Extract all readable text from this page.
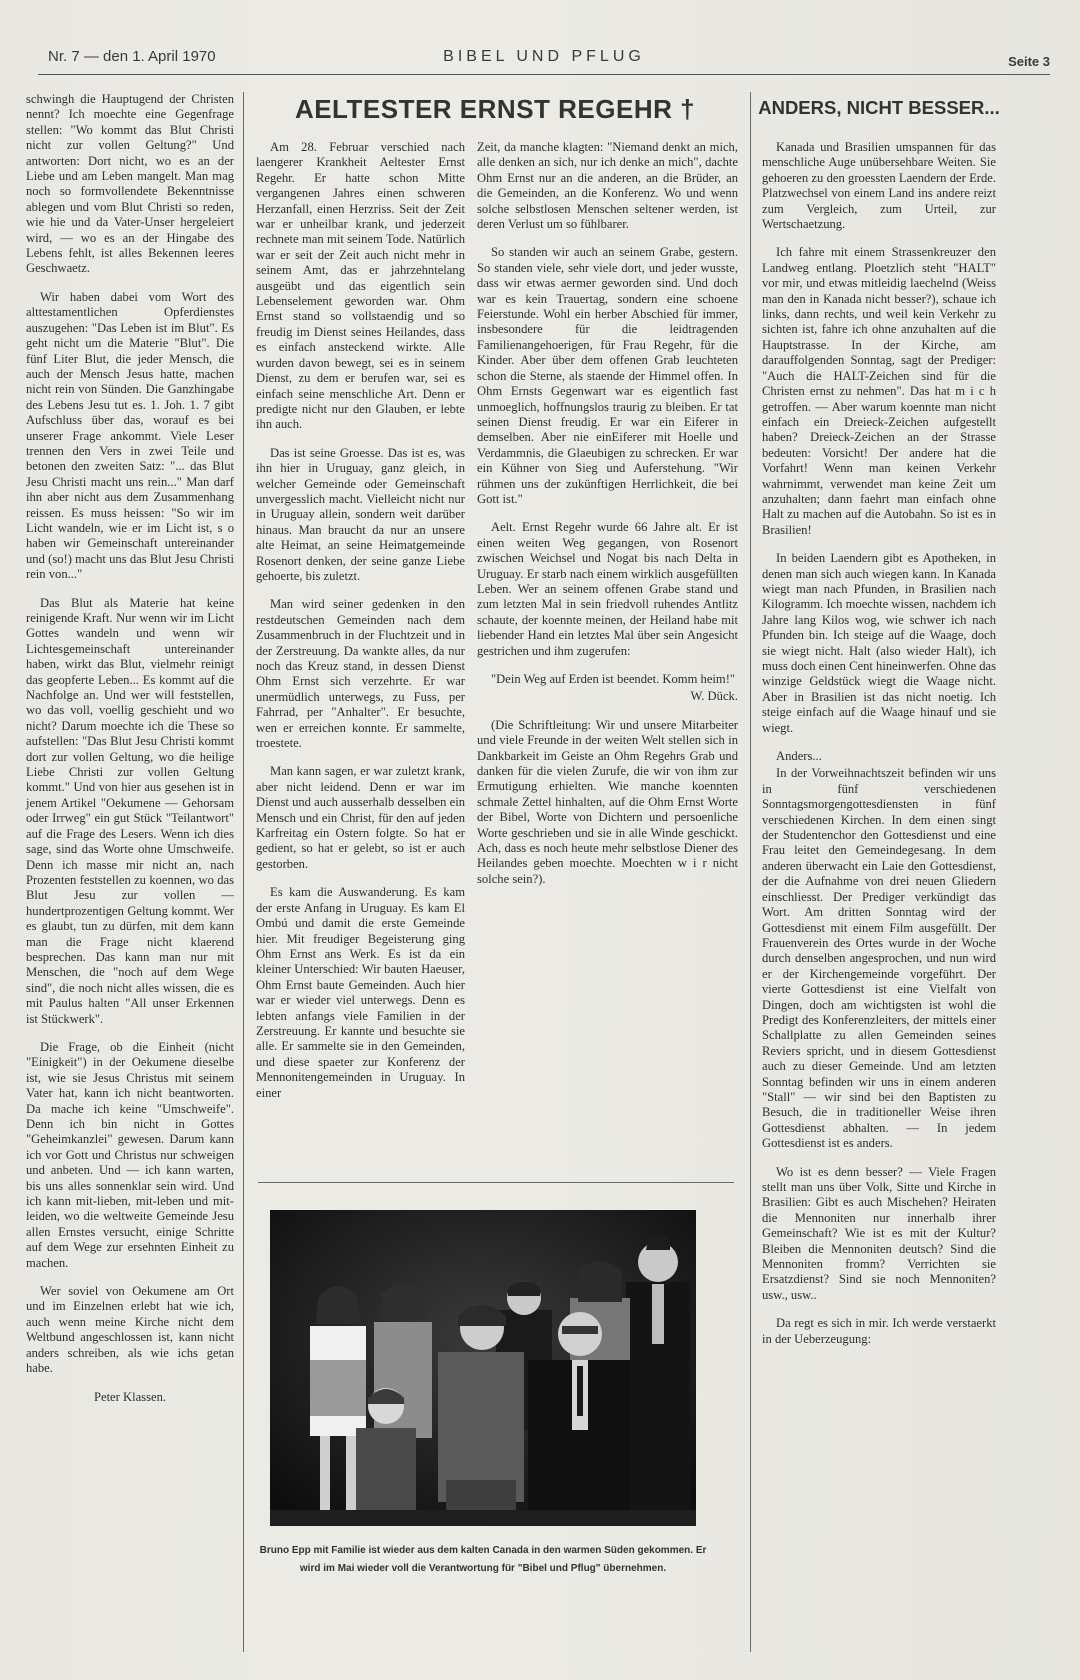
Nr. 7 — den 1. April 1970	BIBEL UND PFLUG	Seite 3

schwingh die Hauptugend der Christen nennt? Ich moechte eine Gegenfrage stellen: "Wo kommt das Blut Christi nicht zur vollen Geltung?" Und antworten: Dort nicht, wo es an der Liebe und am Leben mangelt. Man mag noch so formvollendete Bekenntnisse ablegen und vom Blut Christi so reden, wie hie und da Vater-Unser hergeleiert wird, — wo es an der Hingabe des Lebens fehlt, ist alles Bekennen leeres Geschwaetz.

Wir haben dabei vom Wort des alttestamentlichen Opferdienstes auszugehen: "Das Leben ist im Blut". Es geht nicht um die Materie "Blut". Die fünf Liter Blut, die jeder Mensch, die auch der Mensch Jesus hatte, machen nicht rein von Sünden. Die Ganzhingabe des Lebens Jesu tut es. 1. Joh. 1. 7 gibt Aufschluss über das, worauf es bei unserer Frage ankommt. Viele Leser trennen den Vers in zwei Teile und betonen den zweiten Satz: "... das Blut Jesu Christi macht uns rein..." Man darf ihn aber nicht aus dem Zusammenhang reissen. Es muss heissen: "So wir im Licht wandeln, wie er im Licht ist, s o haben wir Gemeinschaft untereinander und (so!) macht uns das Blut Jesu Christi rein von..."

Das Blut als Materie hat keine reinigende Kraft. Nur wenn wir im Licht Gottes wandeln und wenn wir Lichtesgemeinschaft untereinander haben, wirkt das Blut, vielmehr reinigt das geopferte Leben... Es kommt auf die Nachfolge an. Und wer will feststellen, wo das voll, voellig geschieht und wo nicht? Darum moechte ich die These so aufstellen: "Das Blut Jesu Christi kommt dort zur vollen Geltung, wo die heilige Liebe Christi zur vollen Geltung kommt." Und von hier aus gesehen ist in jenem Artikel "Oekumene — Gehorsam oder Irrweg" ein gut Stück "Teilantwort" auf die Frage des Lesers. Wenn ich dies sage, sind das Worte ohne Umschweife. Denn ich masse mir nicht an, nach Prozenten feststellen zu koennen, wo das Blut Jesu zur vollen — hundertprozentigen Geltung kommt. Wer es glaubt, tun zu dürfen, mit dem kann man die Frage nicht klaerend besprechen. Das kann man nur mit Menschen, die "noch auf dem Wege sind", die noch nicht alles wissen, die es mit Paulus halten "All unser Erkennen ist Stückwerk".

Die Frage, ob die Einheit (nicht "Einigkeit") in der Oekumene dieselbe ist, wie sie Jesus Christus mit seinem Vater hat, kann ich nicht beantworten. Da mache ich keine "Umschweife". Denn ich bin nicht in Gottes "Geheimkanzlei" gewesen. Darum kann ich vor Gott und Christus nur schweigen und anbeten. Und — ich kann warten, bis uns alles sonnenklar sein wird. Und ich kann mit-lieben, mit-leben und mit-leiden, wo die weltweite Gemeinde Jesu allen Ernstes versucht, einige Schritte auf dem Wege zur ersehnten Einheit zu machen.

Wer soviel von Oekumene am Ort und im Einzelnen erlebt hat wie ich, auch wenn meine Kirche nicht dem Weltbund angeschlossen ist, kann nicht anders schreiben, als wie ichs getan habe.

Peter Klassen.

AELTESTER ERNST REGEHR †

Am 28. Februar verschied nach laengerer Krankheit Aeltester Ernst Regehr. Er hatte schon Mitte vergangenen Jahres einen schweren Herzanfall, einen Herzriss. Seit der Zeit war er unheilbar krank, und jederzeit rechnete man mit seinem Tode. Natürlich war er seit der Zeit auch nicht mehr in seinem Amt, das er jahrzehntelang ausgeübt und das eigentlich sein Lebenselement geworden war. Ohm Ernst stand so vollstaendig und so freudig im Dienst seines Heilandes, dass es einfach ansteckend wirkte. Alle wurden davon bewegt, sei es in seinem Dienst, zu dem er berufen war, sei es einfach seine menschliche Art. Denn er predigte nicht nur den Glauben, er lebte ihn auch.

Das ist seine Groesse. Das ist es, was ihn hier in Uruguay, ganz gleich, in welcher Gemeinde oder Gemeinschaft unvergesslich macht. Vielleicht nicht nur in Uruguay allein, sondern weit darüber hinaus. Man braucht da nur an unsere alte Heimat, an seine Heimatgemeinde Rosenort denken, der seine ganze Liebe gehoerte, bis zuletzt.

Man wird seiner gedenken in den restdeutschen Gemeinden nach dem Zusammenbruch in der Fluchtzeit und in der Zerstreuung. Da wankte alles, da nur noch das Kreuz stand, in dessen Dienst Ohm Ernst sich verzehrte. Er war unermüdlich unterwegs, zu Fuss, per Fahrrad, per "Anhalter". Er besuchte, wen er erreichen konnte. Er sammelte, troestete.

Man kann sagen, er war zuletzt krank, aber nicht leidend. Denn er war im Dienst und auch ausserhalb desselben ein Mensch und ein Christ, für den auf jeden Karfreitag ein Ostern folgte. So hat er gedient, so hat er gelebt, so ist er auch gestorben.

Es kam die Auswanderung. Es kam der erste Anfang in Uruguay. Es kam El Ombú und damit die erste Gemeinde hier. Mit freudiger Begeisterung ging Ohm Ernst ans Werk. Es ist da ein kleiner Unterschied: Wir bauten Haeuser, Ohm Ernst baute Gemeinden. Auch hier war er wieder viel unterwegs. Denn es lebten anfangs viele Familien in der Zerstreuung. Er kannte und besuchte sie alle. Er sammelte sie in den Gemeinden, und diese spaeter zur Konferenz der Mennonitengemeinden in Uruguay. In einer

Zeit, da manche klagten: "Niemand denkt an mich, alle denken an sich, nur ich denke an mich", dachte Ohm Ernst nur an die anderen, an die Brüder, an die Gemeinden, an die Konferenz. Wo und wenn solche selbstlosen Menschen seltener werden, ist deren Verlust um so fühlbarer.

So standen wir auch an seinem Grabe, gestern. So standen viele, sehr viele dort, und jeder wusste, dass wir etwas aermer geworden sind. Und doch war es kein Trauertag, sondern eine schoene Feierstunde. Wohl ein herber Abschied für immer, insbesondere für die leidtragenden Familienangehoerigen, für Frau Regehr, für die Kinder. Aber über dem offenen Grab leuchteten schon die Sterne, als staende der Himmel offen. In Ohm Ernsts Gegenwart war es eigentlich fast unmoeglich, hoffnungslos traurig zu bleiben. Er tat seinen Dienst freudig. Er war ein Eiferer in demselben. Aber nie einEiferer mit Hoelle und Verdammnis, die Glaeubigen zu schrecken. Er war ein Kühner von Sieg und Auferstehung. "Wir rühmen uns der zukünftigen Herrlichkeit, die bei Gott ist."

Aelt. Ernst Regehr wurde 66 Jahre alt. Er ist einen weiten Weg gegangen, von Rosenort zwischen Weichsel und Nogat bis nach Delta in Uruguay. Er starb nach einem wirklich ausgefüllten Leben. Wer an seinem offenen Grabe stand und zum letzten Mal in sein friedvoll ruhendes Antlitz schaute, der koennte meinen, der Heiland habe mit liebender Hand ein letztes Mal über sein Angesicht gestrichen und ihm zugerufen:

"Dein Weg auf Erden ist beendet. Komm heim!"

W. Dück.

(Die Schriftleitung: Wir und unsere Mitarbeiter und viele Freunde in der weiten Welt stellen sich in Dankbarkeit im Geiste an Ohm Regehrs Grab und danken für die vielen Zurufe, die wir von ihm zur Ermutigung erhielten. Wie manche koennten schmale Zettel hinhalten, auf die Ohm Ernst Worte der Bibel, Worte von Dichtern und persoenliche Worte geschrieben und sie in alle Winde geschickt. Ach, dass es noch heute mehr selbstlose Diener des Heilandes geben moechte. Moechten w i r nicht solche sein?).

Bruno Epp mit Familie ist wieder aus dem kalten Canada in den warmen Süden gekommen. Er wird im Mai wieder voll die Verantwortung für "Bibel und Pflug" übernehmen.
ANDERS, NICHT BESSER...

Kanada und Brasilien umspannen für das menschliche Auge unübersehbare Weiten. Sie gehoeren zu den groessten Laendern der Erde. Platzwechsel von einem Land ins andere reizt zum Vergleich, zum Urteil, zur Wertschaetzung.

Ich fahre mit einem Strassenkreuzer den Landweg entlang. Ploetzlich steht "HALT" vor mir, und etwas mitleidig laechelnd (Weiss man den in Kanada nicht besser?), schaue ich links, dann rechts, und weil kein Verkehr zu sichten ist, fahre ich ohne anzuhalten auf die Hauptstrasse. In der Kirche, am darauffolgenden Sonntag, sagt der Prediger: "Auch die HALT-Zeichen sind für die Christen ernst zu nehmen". Das hat m i c h getroffen. — Aber warum koennte man nicht einfach ein Dreieck-Zeichen aufgestellt haben? Dreieck-Zeichen an der Strasse bedeuten: Vorsicht! Der andere hat die Vorfahrt! Wenn man keinen Verkehr wahrnimmt, verwendet man keine Zeit um anzuhalten; dann faehrt man einfach ohne Halt zu machen auf die Autobahn. So ist es in Brasilien!

In beiden Laendern gibt es Apotheken, in denen man sich auch wiegen kann. In Kanada wiegt man nach Pfunden, in Brasilien nach Kilogramm. Ich moechte wissen, nachdem ich Jahre lang Kilos wog, wie schwer ich nach Pfunden bin. Ich steige auf die Waage, doch sie wiegt nicht. Halt (also wieder Halt), ich muss doch einen Cent hineinwerfen. Ohne das winzige Geldstück wiegt die Waage nicht. Aber in Brasilien ist das nicht noetig. Ich steige einfach auf die Waage hinauf und sie wiegt.

Anders...

In der Vorweihnachtszeit befinden wir uns in fünf verschiedenen Sonntagsmorgengottesdiensten in fünf verschiedenen Kirchen. In dem einen singt der Studentenchor den Gottesdienst und eine Frau leitet den Gemeindegesang. In dem anderen überwacht ein Laie den Gottesdienst, der die Aufnahme von drei neuen Gliedern einschliesst. Der Prediger verkündigt das Wort. Am dritten Sonntag wird der Gottesdienst mit einem Film ausgefüllt. Der Frauenverein des Ortes wurde in der Woche durch denselben angesprochen, und nun wird er der Kirchengemeinde vorgeführt. Der vierte Gottesdienst ist eine Vielfalt von Dingen, doch am wichtigsten ist wohl die Predigt des Konferenzleiters, der mittels einer Schallplatte zu allen Gemeinden seines Reviers spricht, und in diesem Gottesdienst auch zu dieser Gemeinde. Und am letzten Sonntag befinden wir uns in einem anderen "Stall" — wir sind bei den Baptisten zu Besuch, die in traditioneller Weise ihren Gottesdienst abhalten. — In jedem Gottesdienst ist es anders.

Wo ist es denn besser? — Viele Fragen stellt man uns über Volk, Sitte und Kirche in Brasilien: Gibt es auch Mischehen? Heiraten die Mennoniten nur innerhalb ihrer Gemeinschaft? Wie ist es mit der Kultur? Bleiben die Mennoniten deutsch? Sind die Mennoniten fromm? Verrichten sie Ersatzdienst? Sind sie noch Mennoniten? usw., usw..

Da regt es sich in mir. Ich werde verstaerkt in der Ueberzeugung:
